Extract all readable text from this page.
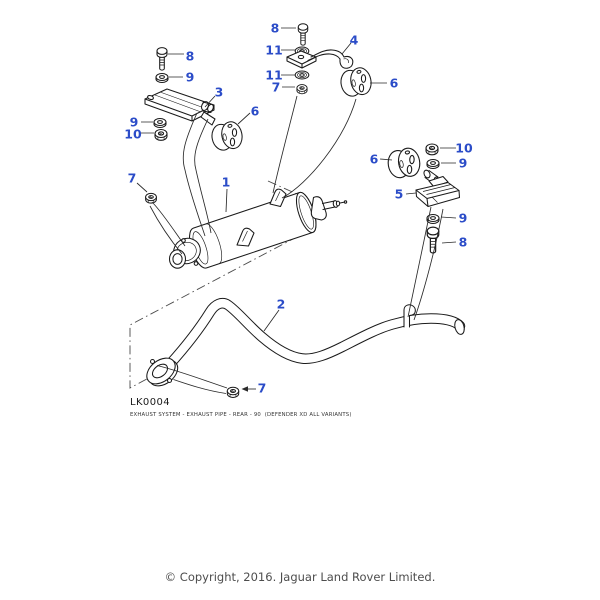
8
9
3
9
10
6
8
11
4
11
7	6
10
9
6
5
9
8
7	1
2
7
LK0004
EXHAUST SYSTEM - EXHAUST PIPE - REAR - 90  (DEFENDER XD ALL VARIANTS)
© Copyright, 2016. Jaguar Land Rover Limited.
